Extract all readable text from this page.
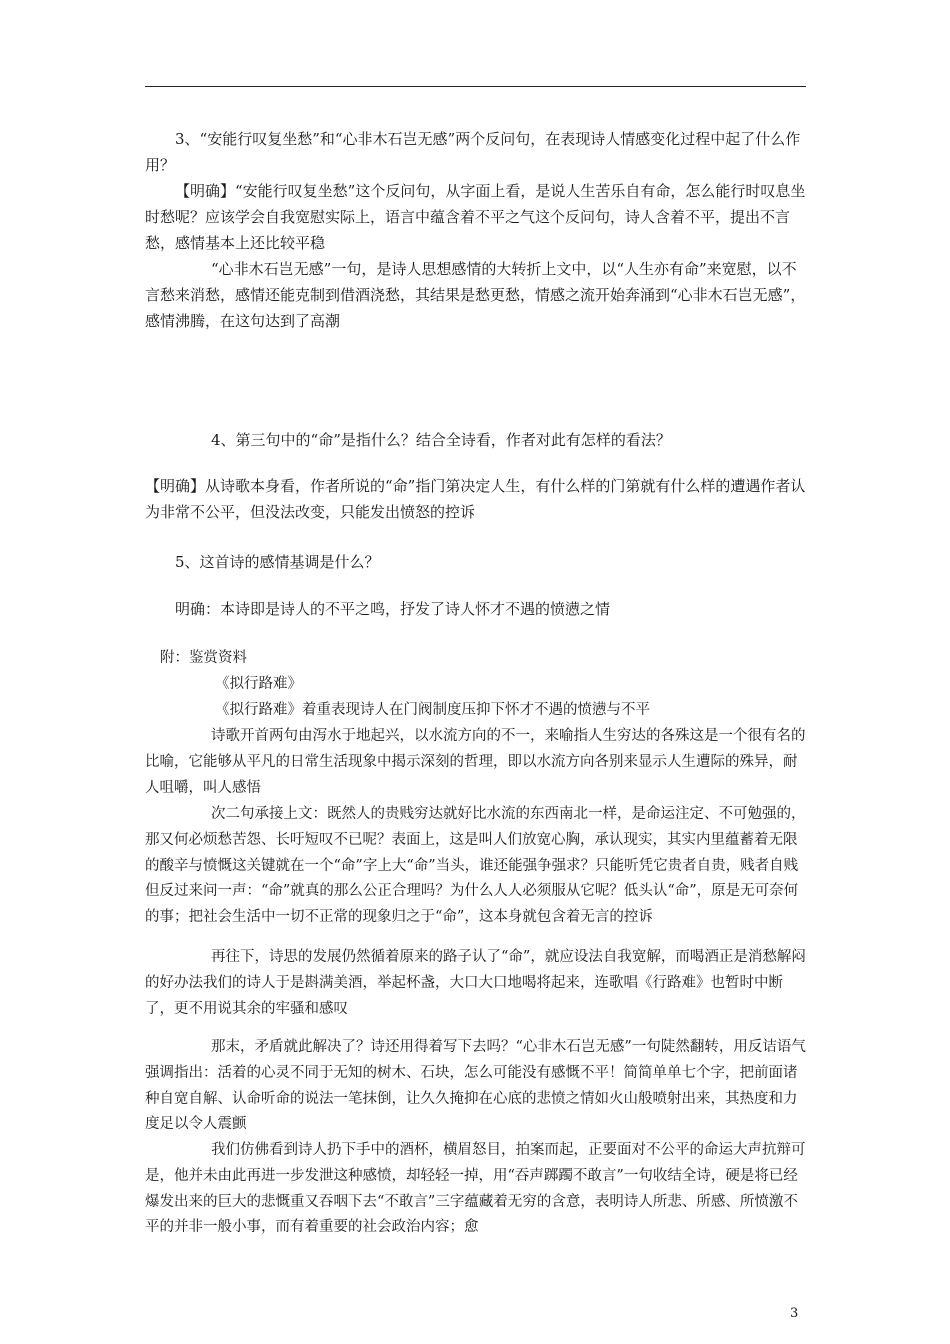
3、“安能行叹复坐愁”和“心非木石岂无感”两个反问句，在表现诗人情感变化过程中起了什么作用？

【明确】“安能行叹复坐愁”这个反问句，从字面上看，是说人生苦乐自有命，怎么能行时叹息坐时愁呢？应该学会自我宽慰实际上，语言中蕴含着不平之气这个反问句，诗人含着不平，提出不言愁，感情基本上还比较平稳

“心非木石岂无感”一句，是诗人思想感情的大转折上文中，以“人生亦有命”来宽慰，以不言愁来消愁，感情还能克制到借酒浇愁，其结果是愁更愁，情感之流开始奔涌到“心非木石岂无感”，感情沸腾，在这句达到了高潮

4、第三句中的“命”是指什么？结合全诗看，作者对此有怎样的看法？

【明确】从诗歌本身看，作者所说的“命”指门第决定人生，有什么样的门第就有什么样的遭遇作者认为非常不公平，但没法改变，只能发出愤怒的控诉

5、这首诗的感情基调是什么？

明确：本诗即是诗人的不平之鸣，抒发了诗人怀才不遇的愤懑之情

附：鉴赏资料

《拟行路难》

《拟行路难》着重表现诗人在门阀制度压抑下怀才不遇的愤懑与不平

诗歌开首两句由泻水于地起兴，以水流方向的不一，来喻指人生穷达的各殊这是一个很有名的比喻，它能够从平凡的日常生活现象中揭示深刻的哲理，即以水流方向各别来显示人生遭际的殊异，耐人咀嚼，叫人感悟

次二句承接上文：既然人的贵贱穷达就好比水流的东西南北一样，是命运注定、不可勉强的，那又何必烦愁苦怨、长吁短叹不已呢？表面上，这是叫人们放宽心胸，承认现实，其实内里蕴蓄着无限的酸辛与愤慨这关键就在一个“命”字上大“命”当头，谁还能强争强求？只能听凭它贵者自贵，贱者自贱但反过来问一声：“命”就真的那么公正合理吗？为什么人人必须服从它呢？低头认“命”，原是无可奈何的事；把社会生活中一切不正常的现象归之于“命”，这本身就包含着无言的控诉

再往下，诗思的发展仍然循着原来的路子认了“命”，就应设法自我宽解，而喝酒正是消愁解闷的好办法我们的诗人于是斟满美酒，举起杯盏，大口大口地喝将起来，连歌唱《行路难》也暂时中断了，更不用说其余的牢骚和感叹

那末，矛盾就此解决了？诗还用得着写下去吗？“心非木石岂无感”一句陡然翻转，用反诘语气强调指出：活着的心灵不同于无知的树木、石块，怎么可能没有感慨不平！简简单单七个字，把前面诸种自宽自解、认命听命的说法一笔抹倒，让久久掩抑在心底的悲愤之情如火山般喷射出来，其热度和力度足以令人震颤

我们仿佛看到诗人扔下手中的酒杯，横眉怒目，拍案而起，正要面对不公平的命运大声抗辩可是，他并未由此再进一步发泄这种感愤，却轻轻一掉，用“吞声踯躅不敢言”一句收结全诗，硬是将已经爆发出来的巨大的悲慨重又吞咽下去“不敢言”三字蕴藏着无穷的含意，表明诗人所悲、所感、所愤激不平的并非一般小事，而有着重要的社会政治内容；愈

3
